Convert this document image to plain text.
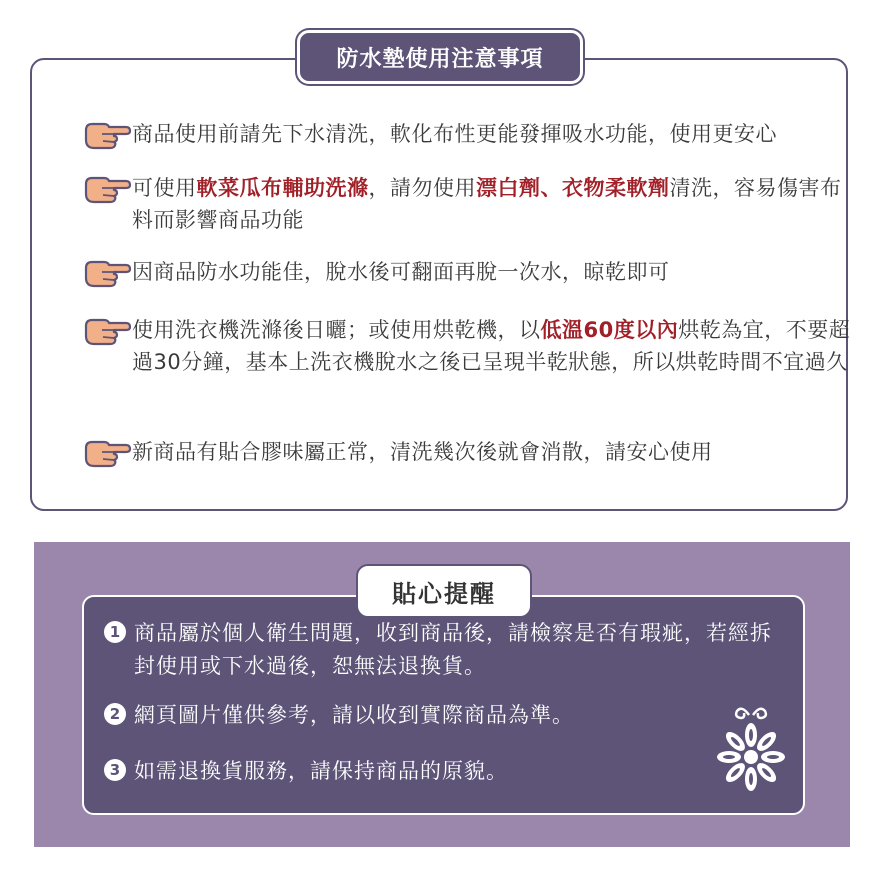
防水墊使用注意事項
商品使用前請先下水清洗，軟化布性更能發揮吸水功能，使用更安心
可使用軟菜瓜布輔助洗滌，請勿使用漂白劑、衣物柔軟劑清洗，容易傷害布料而影響商品功能
因商品防水功能佳，脫水後可翻面再脫一次水，晾乾即可
使用洗衣機洗滌後日曬；或使用烘乾機，以低溫60度以內烘乾為宜，不要超過30分鐘，基本上洗衣機脫水之後已呈現半乾狀態，所以烘乾時間不宜過久
新商品有貼合膠味屬正常，清洗幾次後就會消散，請安心使用
貼心提醒
1 商品屬於個人衛生問題，收到商品後，請檢察是否有瑕疵，若經拆封使用或下水過後，恕無法退換貨。
2 網頁圖片僅供參考，請以收到實際商品為準。
3 如需退換貨服務，請保持商品的原貌。
